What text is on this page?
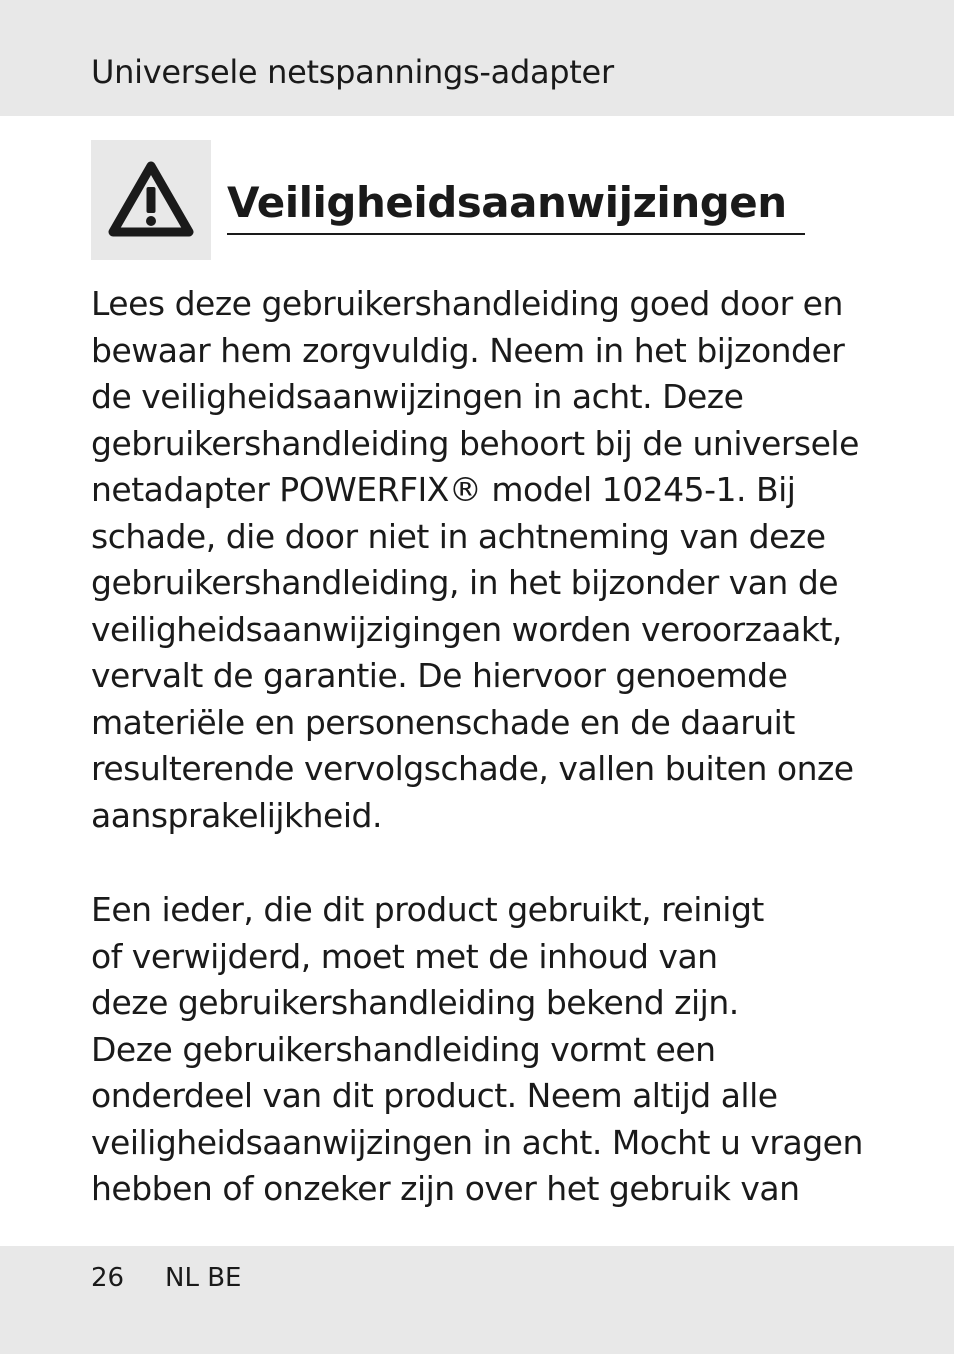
Universele netspannings-adapter
Veiligheidsaanwijzingen
Lees deze gebruikershandleiding goed door en
bewaar hem zorgvuldig. Neem in het bijzonder
de veiligheidsaanwijzingen in acht. Deze
gebruikershandleiding behoort bij de universele
netadapter POWERFIX® model 10245-1. Bij
schade, die door niet in achtneming van deze
gebruikershandleiding, in het bijzonder van de
veiligheidsaanwijzigingen worden veroorzaakt,
vervalt de garantie. De hiervoor genoemde
materiële en personenschade en de daaruit
resulterende vervolgschade, vallen buiten onze
aansprakelijkheid.
Een ieder, die dit product gebruikt, reinigt
of verwijderd, moet met de inhoud van
deze gebruikershandleiding bekend zijn.
Deze gebruikershandleiding vormt een
onderdeel van dit product. Neem altijd alle
veiligheidsaanwijzingen in acht. Mocht u vragen
hebben of onzeker zijn over het gebruik van
26 NL BE
